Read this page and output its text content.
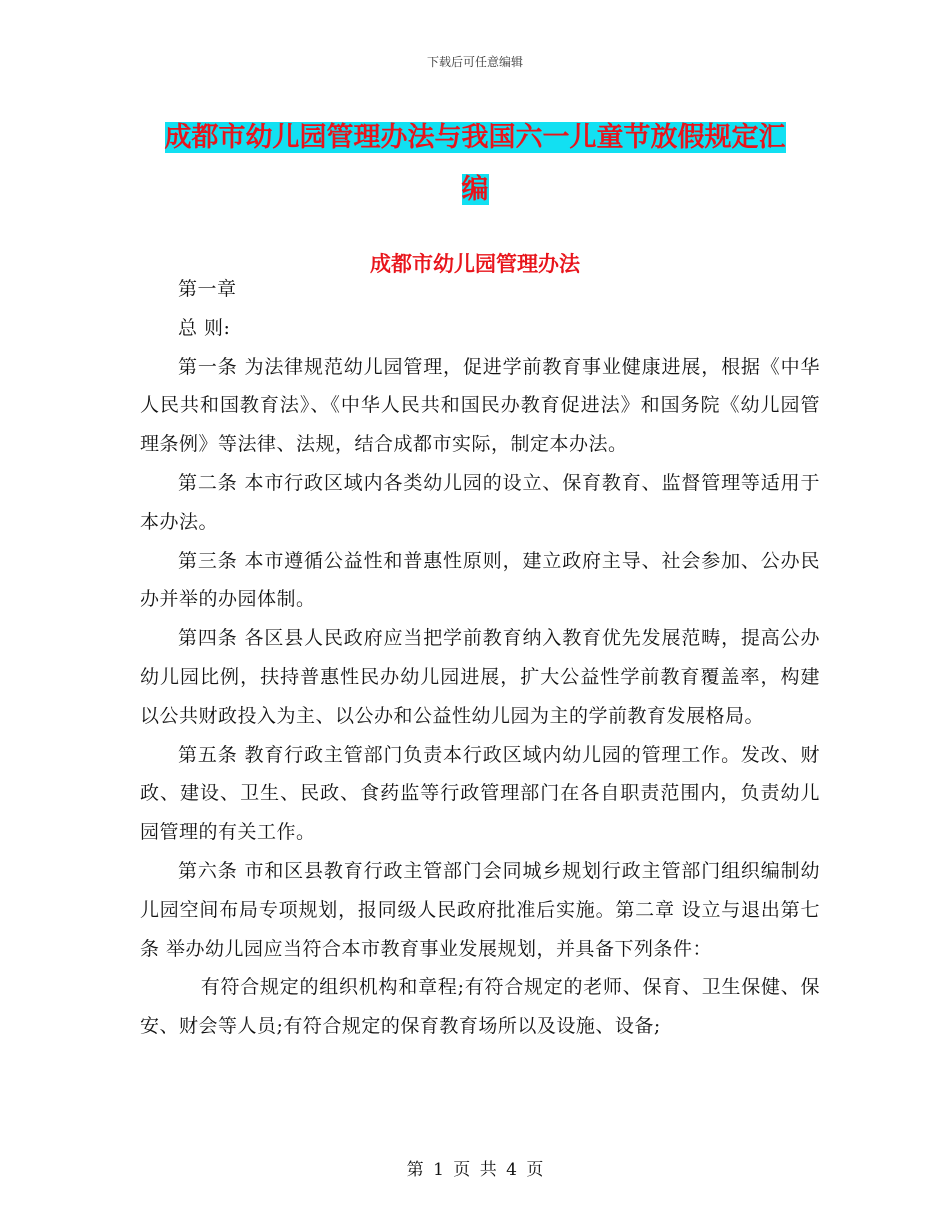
下载后可任意编辑
成都市幼儿园管理办法与我国六一儿童节放假规定汇
编
成都市幼儿园管理办法

第一章

总 则:

第一条 为法律规范幼儿园管理，促进学前教育事业健康进展，根据《中华人民共和国教育法》、《中华人民共和国民办教育促进法》和国务院《幼儿园管理条例》等法律、法规，结合成都市实际，制定本办法。

第二条 本市行政区域内各类幼儿园的设立、保育教育、监督管理等适用于本办法。

第三条 本市遵循公益性和普惠性原则，建立政府主导、社会参加、公办民办并举的办园体制。

第四条 各区县人民政府应当把学前教育纳入教育优先发展范畴，提高公办幼儿园比例，扶持普惠性民办幼儿园进展，扩大公益性学前教育覆盖率，构建以公共财政投入为主、以公办和公益性幼儿园为主的学前教育发展格局。

第五条 教育行政主管部门负责本行政区域内幼儿园的管理工作。发改、财政、建设、卫生、民政、食药监等行政管理部门在各自职责范围内，负责幼儿园管理的有关工作。

第六条 市和区县教育行政主管部门会同城乡规划行政主管部门组织编制幼儿园空间布局专项规划，报同级人民政府批准后实施。第二章 设立与退出第七条 举办幼儿园应当符合本市教育事业发展规划，并具备下列条件：

有符合规定的组织机构和章程;有符合规定的老师、保育、卫生保健、保安、财会等人员;有符合规定的保育教育场所以及设施、设备;

第 1 页 共 4 页
